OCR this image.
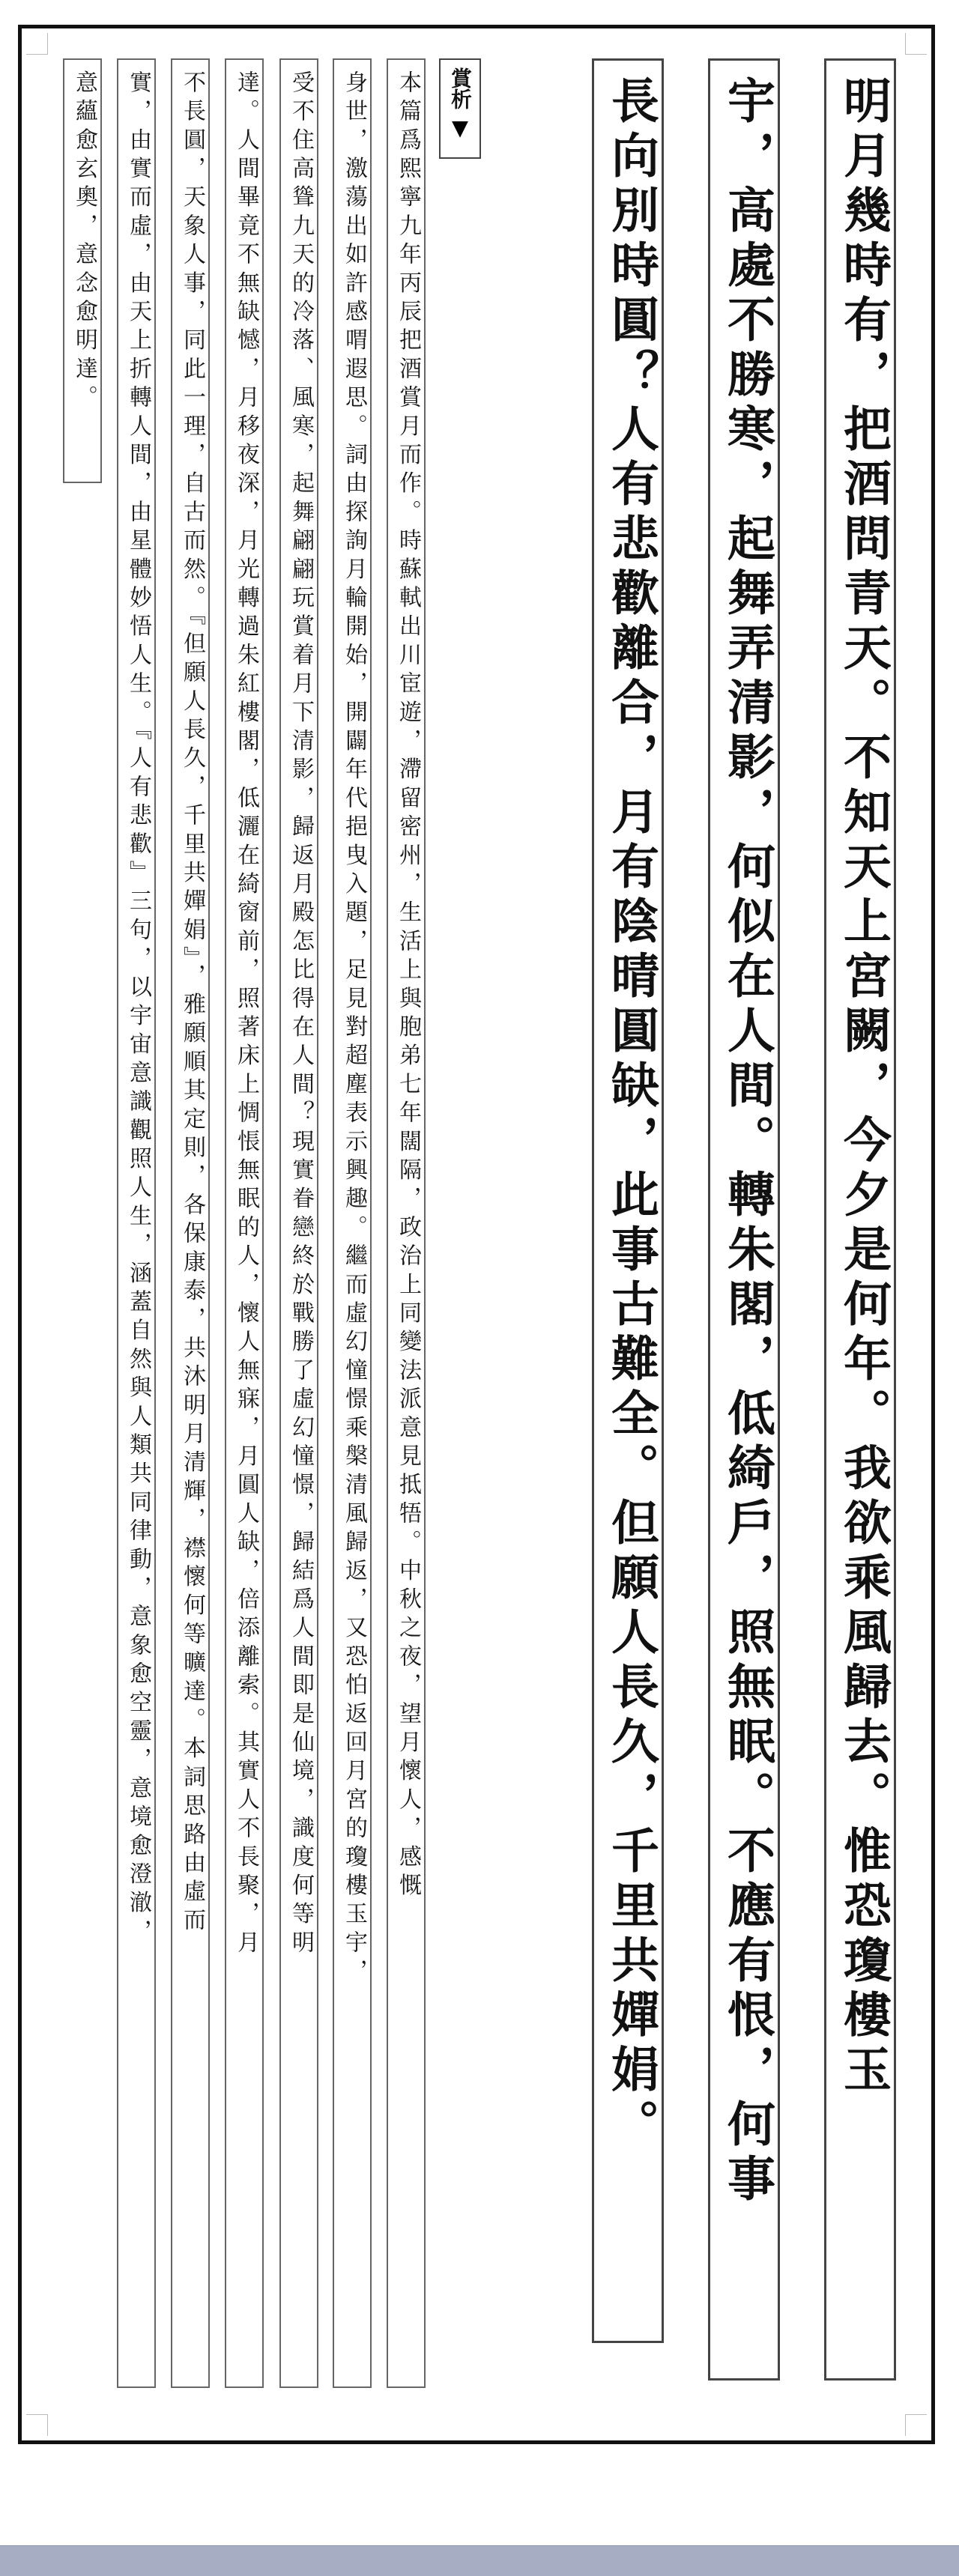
明月幾時有，把酒問青天。不知天上宮闕，今夕是何年。我欲乘風歸去。惟恐瓊樓玉
宇，高處不勝寒，起舞弄清影，何似在人間。轉朱閣，低綺戶，照無眠。不應有恨，何事
長向別時圓？人有悲歡離合，月有陰晴圓缺，此事古難全。但願人長久，千里共嬋娟。
賞析
本篇爲熙寧九年丙辰把酒賞月而作。時蘇軾出川宦遊，滯留密州，生活上與胞弟七年闊隔，政治上同變法派意見抵牾。中秋之夜，望月懷人，感慨
身世，激蕩出如許感喟遐思。詞由探詢月輪開始，開闢年代挹曳入題，足見對超塵表示興趣。繼而虛幻憧憬乘槃清風歸返，又恐怕返回月宮的瓊樓玉宇，
受不住高聳九天的冷落、風寒，起舞翩翩玩賞着月下清影，歸返月殿怎比得在人間？現實眷戀終於戰勝了虛幻憧憬，歸結爲人間即是仙境，識度何等明
達。人間畢竟不無缺憾，月移夜深，月光轉過朱紅樓閣，低灑在綺窗前，照著床上惆悵無眠的人，懷人無寐，月圓人缺，倍添離索。其實人不長聚，月
不長圓，天象人事，同此一理，自古而然。『但願人長久，千里共嬋娟』，雅願順其定則，各保康泰，共沐明月清輝，襟懷何等曠達。本詞思路由虛而
實，由實而虛，由天上折轉人間，由星體妙悟人生。『人有悲歡』三句，以宇宙意識觀照人生，涵蓋自然與人類共同律動，意象愈空靈，意境愈澄澈，
意蘊愈玄奧，意念愈明達。
